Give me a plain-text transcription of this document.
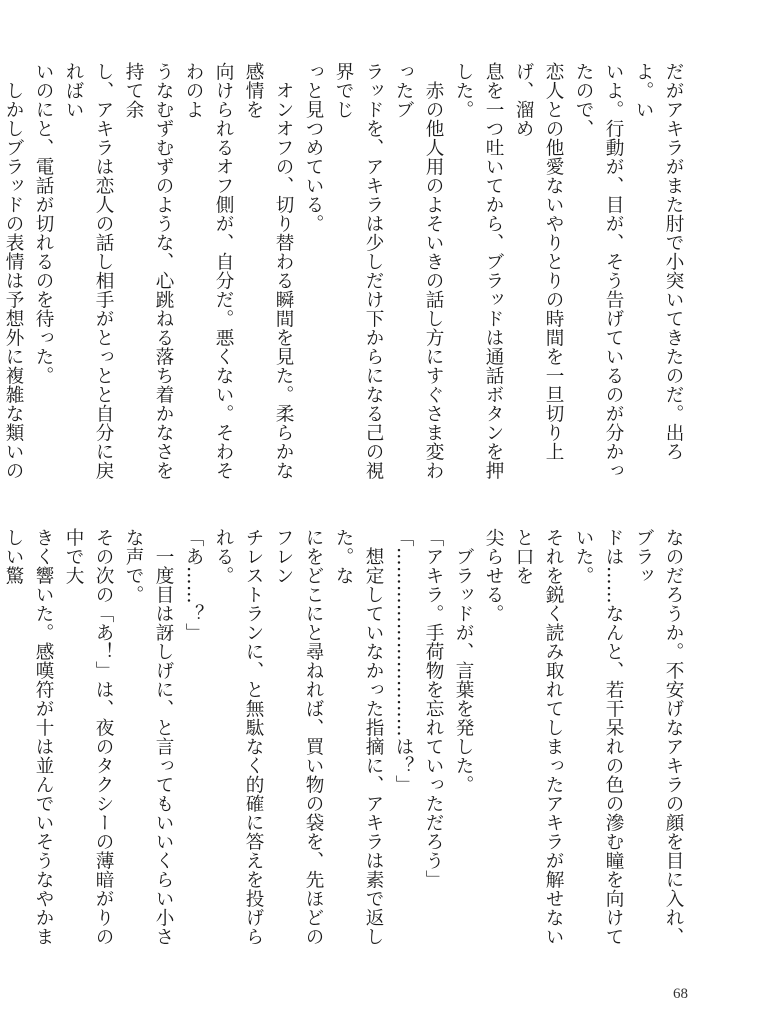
だがアキラがまた肘で小突いてきたのだ。出ろよ。い

いよ。行動が、目が、そう告げているのが分かったので、

恋人との他愛ないやりとりの時間を一旦切り上げ、溜め

息を一つ吐いてから、ブラッドは通話ボタンを押した。

　赤の他人用のよそいきの話し方にすぐさま変わったブ

ラッドを、アキラは少しだけ下からになる己の視界でじ

っと見つめている。

　オンオフの、切り替わる瞬間を見た。柔らかな感情を

向けられるオフ側が、自分だ。悪くない。そわそわのよ

うなむずむずのような、心跳ねる落ち着かなさを持て余

し、アキラは恋人の話し相手がとっとと自分に戻ればい

いのにと、電話が切れるのを待った。

　しかしブラッドの表情は予想外に複雑な類いの

なのだろうか。不安げなアキラの顔を目に入れ、ブラッ

ドは……なんと、若干呆れの色の滲む瞳を向けていた。

それを鋭く読み取れてしまったアキラが解せないと口を

尖らせる。

　ブラッドが、言葉を発した。

「アキラ。手荷物を忘れていっただろう」

「…………………………は？」

　想定していなかった指摘に、アキラは素で返した。な

にをどこにと尋ねれば、買い物の袋を、先ほどのフレン

チレストランに、と無駄なく的確に答えを投げられる。

「あ……？」

　一度目は訝しげに、と言ってもいいくらい小さな声で。

その次の「あ！」は、夜のタクシーの薄暗がりの中で大

きく響いた。感嘆符が十は並んでいそうなやかましい驚

68
